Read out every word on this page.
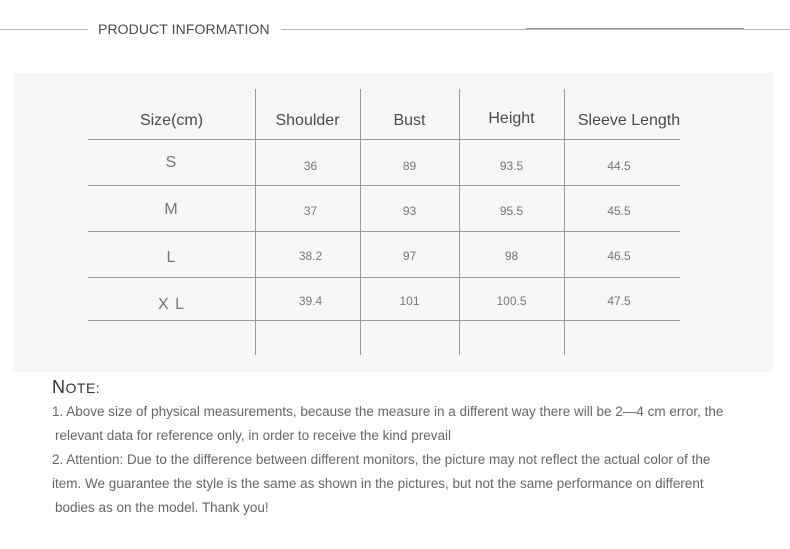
PRODUCT INFORMATION
Size(cm)	Shoulder	Bust	Height	Sleeve Length
S	36	89	93.5	44.5
M	37	93	95.5	45.5
L	38.2	97	98	46.5
X L	39.4	101	100.5	47.5
NOTE:
1. Above size of physical measurements, because the measure in a different way there will be 2—4 cm error, the
relevant data for reference only, in order to receive the kind prevail
2. Attention: Due to the difference between different monitors, the picture may not reflect the actual color of the
item. We guarantee the style is the same as shown in the pictures, but not the same performance on different
bodies as on the model. Thank you!
